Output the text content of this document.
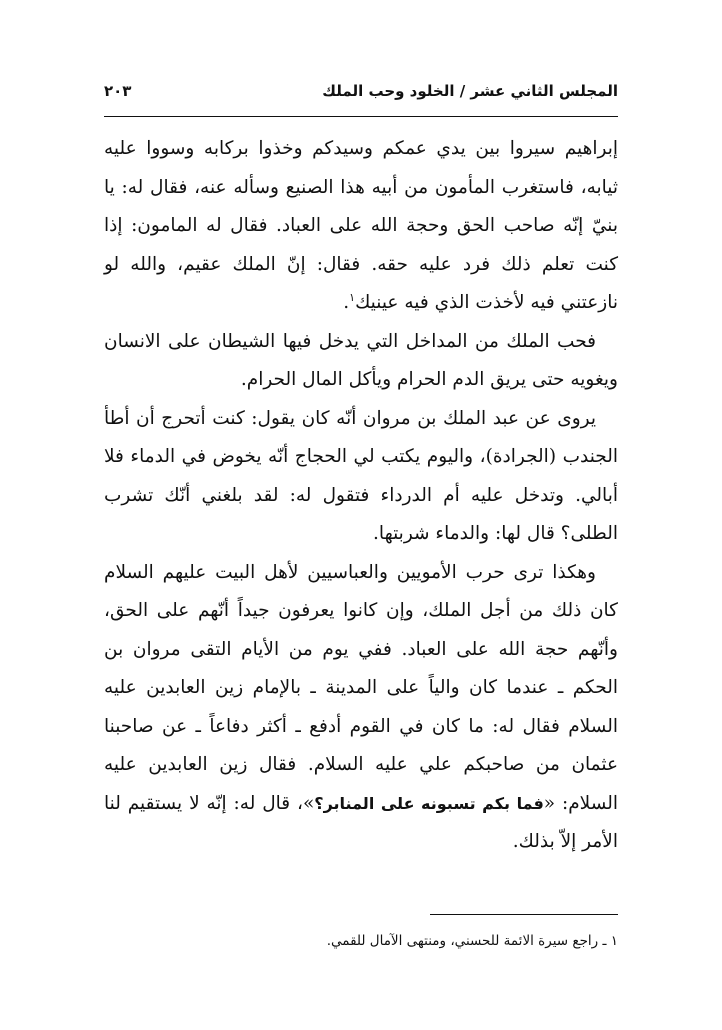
المجلس الثاني عشر / الخلود وحب الملك
٢٠٣

إبراهيم سيروا بين يدي عمكم وسيدكم وخذوا بركابه وسووا عليه ثيابه، فاستغرب المأمون من أبيه هذا الصنيع وسأله عنه، فقال له: يا بنيّ إنّه صاحب الحق وحجة الله على العباد. فقال له المامون: إذا كنت تعلم ذلك فرد عليه حقه. فقال: إنّ الملك عقيم، والله لو نازعتني فيه لأخذت الذي فيه عينيك$^١$.

فحب الملك من المداخل التي يدخل فيها الشيطان على الانسان ويغويه حتى يريق الدم الحرام ويأكل المال الحرام.

يروى عن عبد الملك بن مروان أنّه كان يقول: كنت أتحرج أن أطأ الجندب (الجرادة)، واليوم يكتب لي الحجاج أنّه يخوض في الدماء فلا أبالي. وتدخل عليه أم الدرداء فتقول له: لقد بلغني أنّك تشرب الطلى؟ قال لها: والدماء شربتها.

وهكذا ترى حرب الأمويين والعباسيين لأهل البيت عليهم السلام كان ذلك من أجل الملك، وإن كانوا يعرفون جيداً أنّهم على الحق، وأنّهم حجة الله على العباد. ففي يوم من الأيام التقى مروان بن الحكم ـ عندما كان والياً على المدينة ـ بالإمام زين العابدين عليه السلام فقال له: ما كان في القوم أدفع ـ أكثر دفاعاً ـ عن صاحبنا عثمان من صاحبكم علي عليه السلام. فقال زين العابدين عليه السلام: «فما بكم تسبونه على المنابر؟»، قال له: إنّه لا يستقيم لنا الأمر إلاّ بذلك.

١ ـ راجع سيرة الائمة للحسني، ومنتهى الآمال للقمي.
